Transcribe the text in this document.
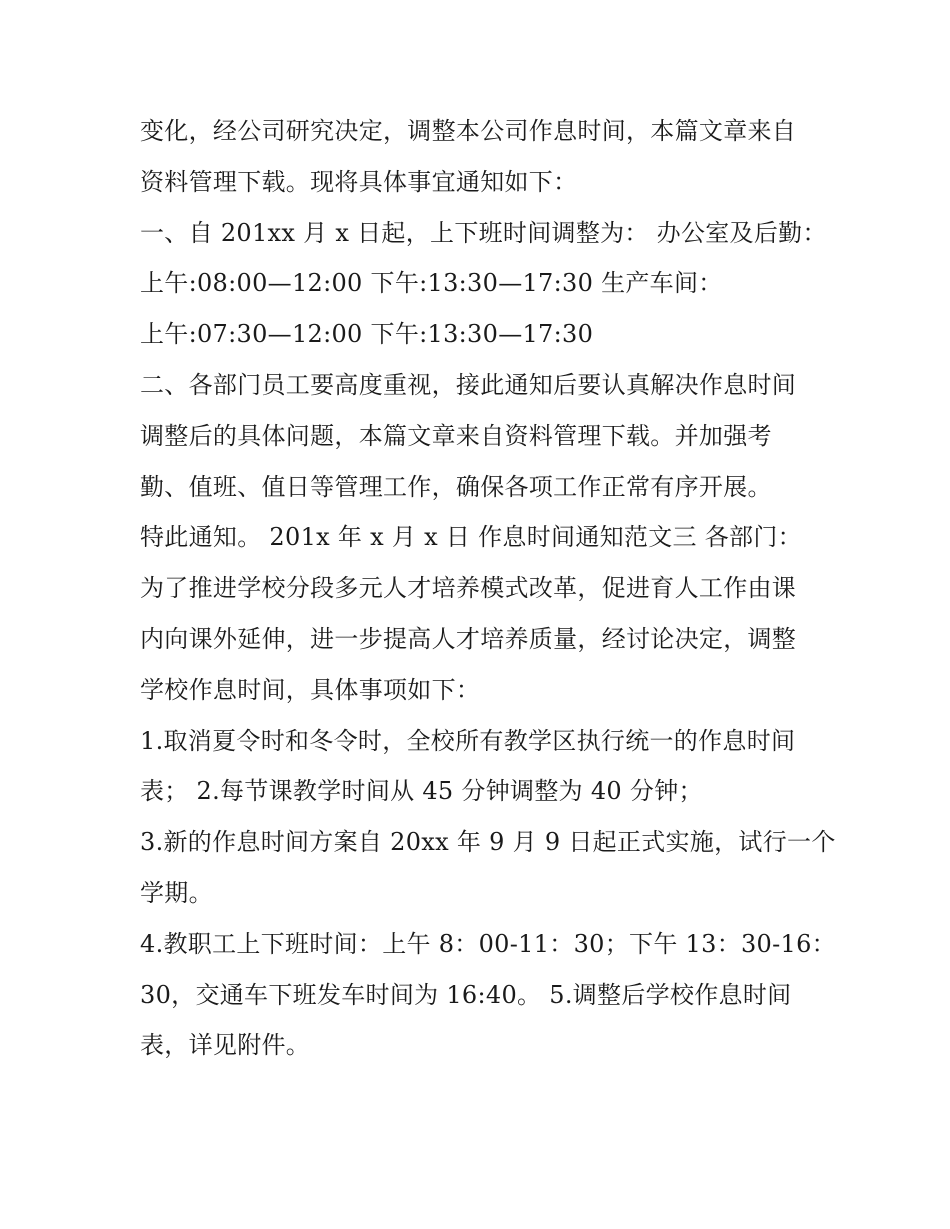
变化，经公司研究决定，调整本公司作息时间，本篇文章来自
资料管理下载。现将具体事宜通知如下：
一、自 201xx 月 x 日起，上下班时间调整为： 办公室及后勤：
上午:08:00—12:00 下午:13:30—17:30 生产车间：
上午:07:30—12:00 下午:13:30—17:30
二、各部门员工要高度重视，接此通知后要认真解决作息时间
调整后的具体问题，本篇文章来自资料管理下载。并加强考
勤、值班、值日等管理工作，确保各项工作正常有序开展。
特此通知。 201x 年 x 月 x 日 作息时间通知范文三 各部门：
为了推进学校分段多元人才培养模式改革，促进育人工作由课
内向课外延伸，进一步提高人才培养质量，经讨论决定，调整
学校作息时间，具体事项如下：
1.取消夏令时和冬令时，全校所有教学区执行统一的作息时间
表； 2.每节课教学时间从 45 分钟调整为 40 分钟；
3.新的作息时间方案自 20xx 年 9 月 9 日起正式实施，试行一个
学期。
4.教职工上下班时间：上午 8：00-11：30；下午 13：30-16：
30，交通车下班发车时间为 16:40。 5.调整后学校作息时间
表，详见附件。
